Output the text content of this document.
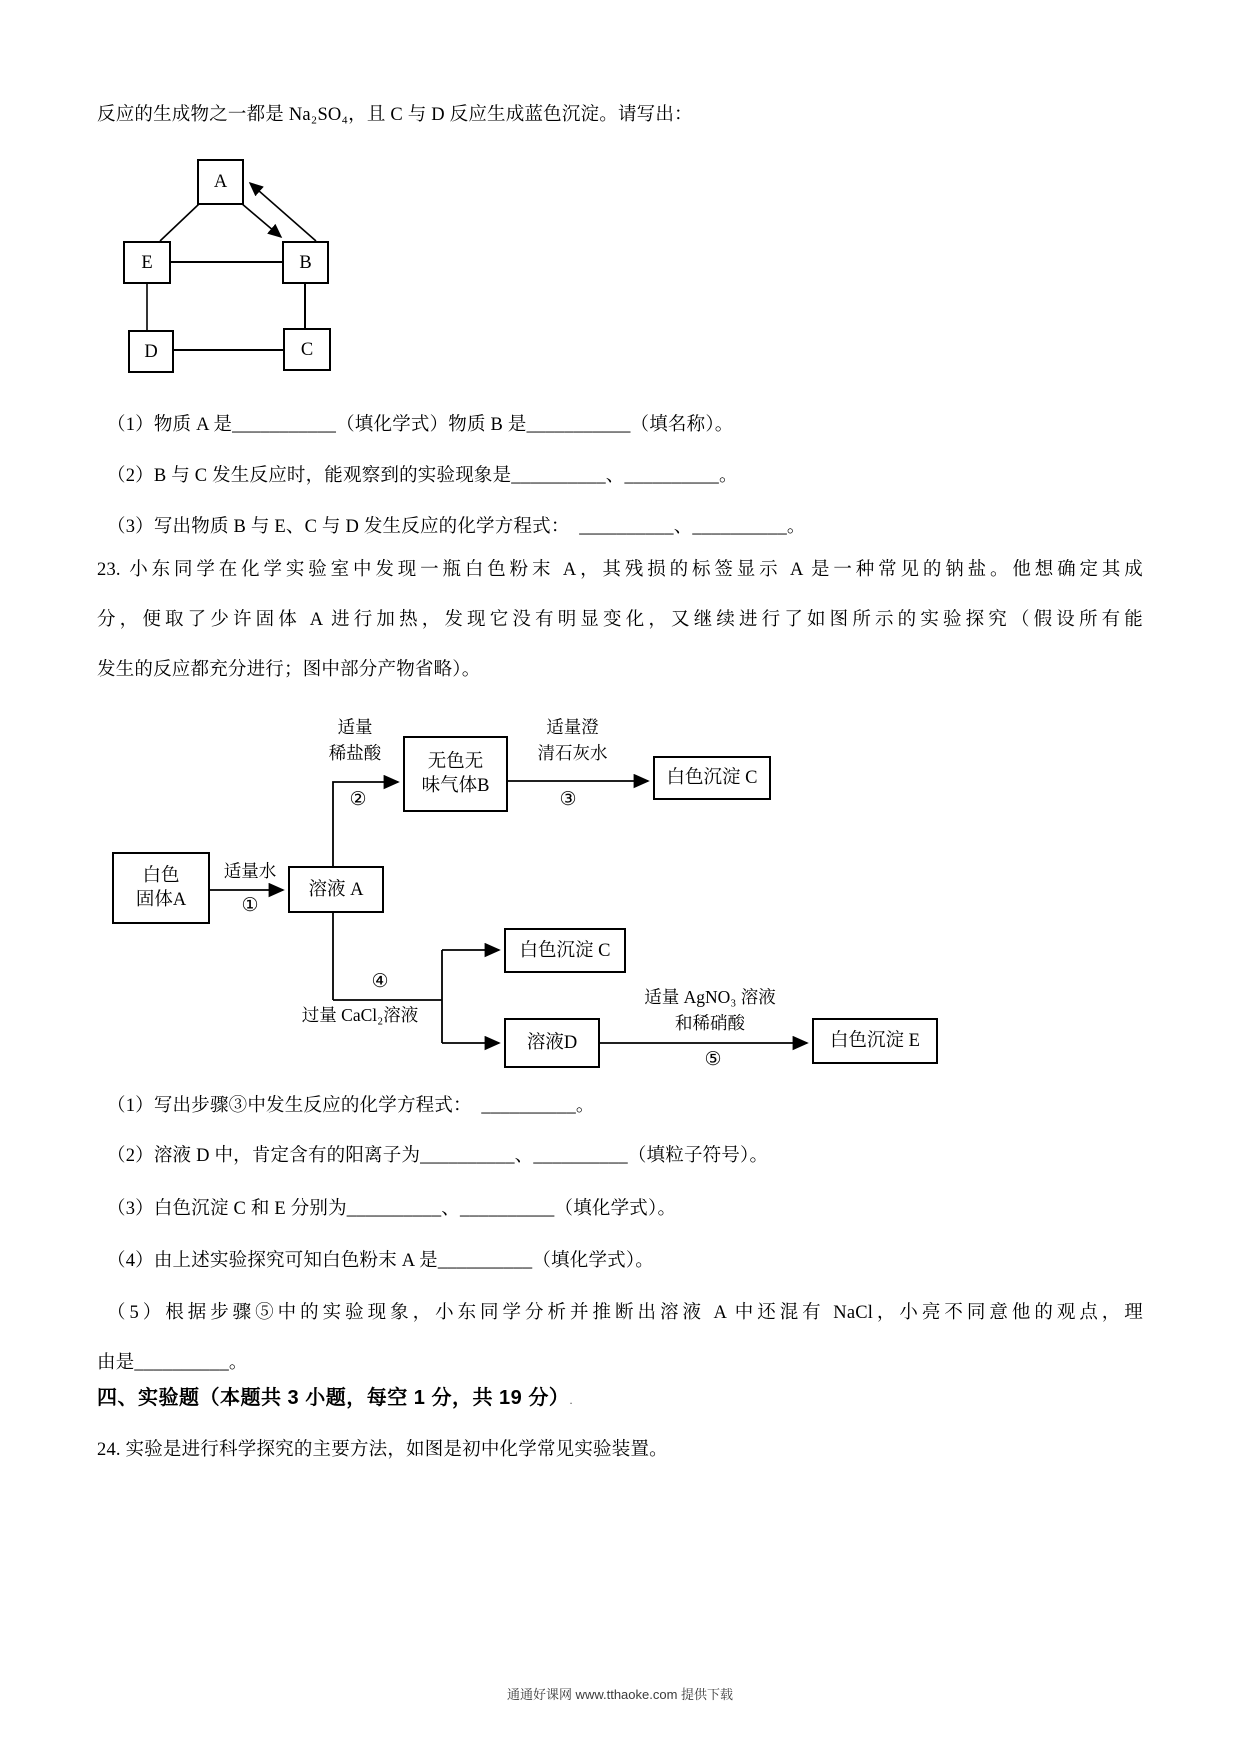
反应的生成物之一都是 Na₂SO₄，且 C 与 D 反应生成蓝色沉淀。请写出：
A
E	B
D	C
（1）物质 A 是___________（填化学式）物质 B 是___________（填名称）。
（2）B 与 C 发生反应时，能观察到的实验现象是__________、__________。
（3）写出物质 B 与 E、C 与 D 发生反应的化学方程式：  __________、__________。
23. 小东同学在化学实验室中发现一瓶白色粉末 A，其残损的标签显示 A 是一种常见的钠盐。他想确定其成
分，便取了少许固体 A 进行加热，发现它没有明显变化，又继续进行了如图所示的实验探究（假设所有能
发生的反应都充分进行；图中部分产物省略）。
适量
稀盐酸
②
无色无
味气体B
适量澄
清石灰水
③
白色沉淀 C
白色
固体A
适量水
①
溶液 A
白色沉淀 C
④
过量 CaCl₂溶液
溶液D
适量 AgNO₃ 溶液
和稀硝酸
⑤
白色沉淀 E
（1）写出步骤③中发生反应的化学方程式：  __________。
（2）溶液 D 中，肯定含有的阳离子为__________、__________（填粒子符号）。
（3）白色沉淀 C 和 E 分别为__________、__________（填化学式）。
（4）由上述实验探究可知白色粉末 A 是__________（填化学式）。
（5）根据步骤⑤中的实验现象，小东同学分析并推断出溶液 A 中还混有 NaCl，小亮不同意他的观点，理
由是__________。
四、实验题（本题共 3 小题，每空 1 分，共 19 分）.
24. 实验是进行科学探究的主要方法，如图是初中化学常见实验装置。
通通好课网 www.tthaoke.com 提供下载
